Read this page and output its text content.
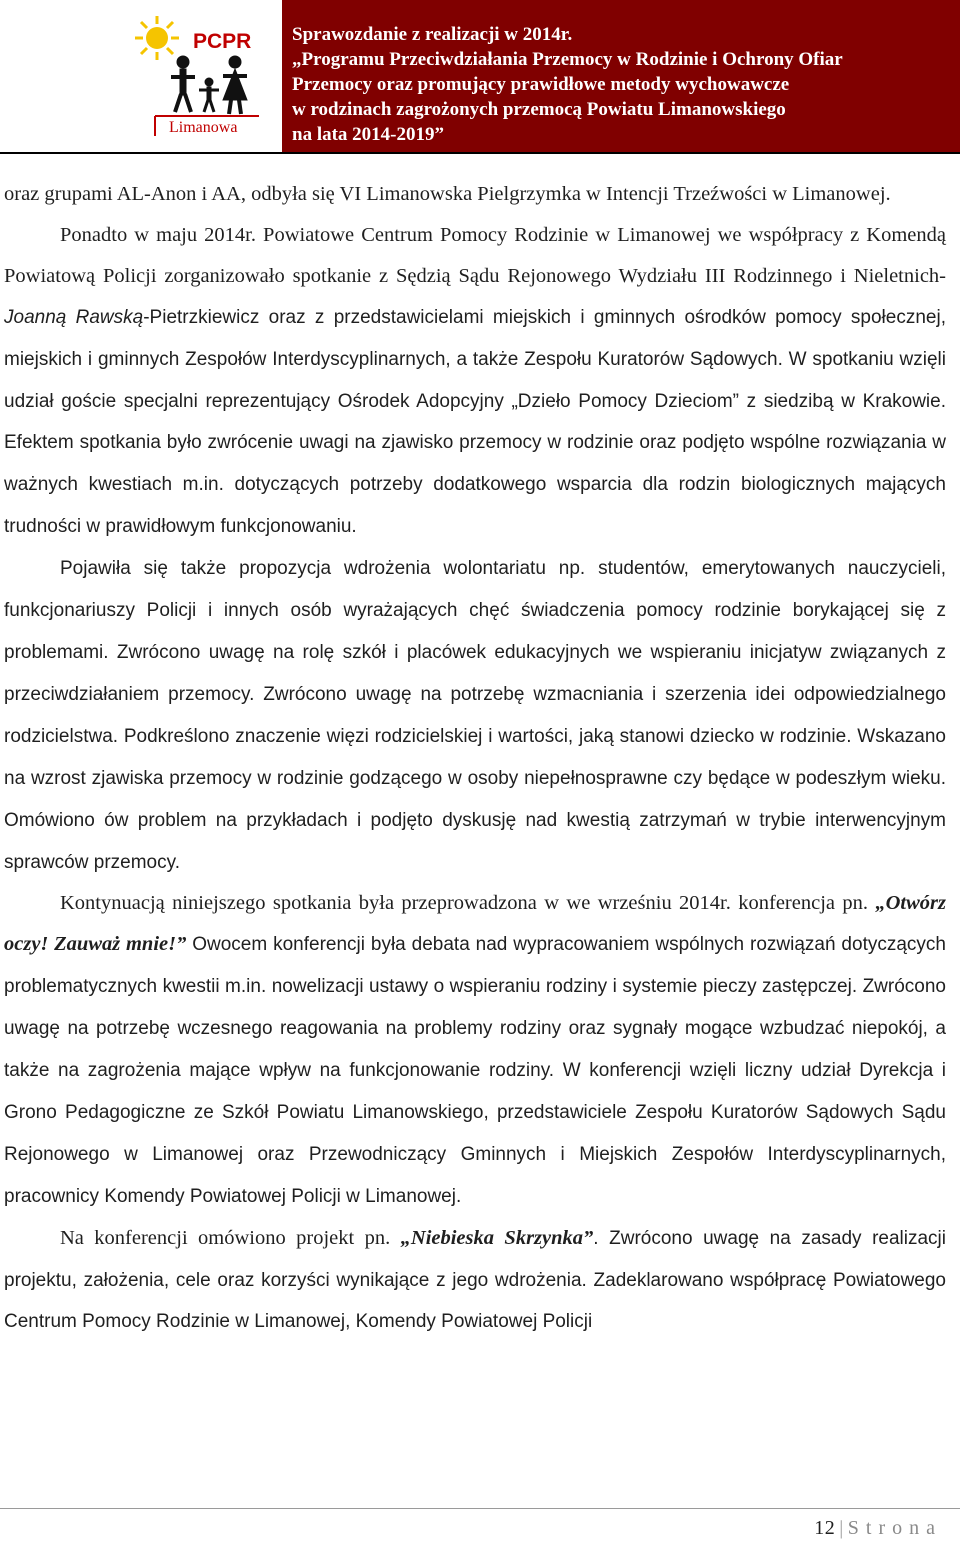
PCPR
Limanowa
Sprawozdanie z realizacji w 2014r.
„Programu Przeciwdziałania Przemocy w Rodzinie i Ochrony Ofiar
Przemocy oraz promujący prawidłowe metody wychowawcze
w rodzinach zagrożonych przemocą Powiatu Limanowskiego
na lata 2014-2019”

oraz grupami AL-Anon i AA, odbyła się VI Limanowska Pielgrzymka w Intencji Trzeźwości w Limanowej.

Ponadto w maju 2014r. Powiatowe Centrum Pomocy Rodzinie w Limanowej we współpracy z Komendą Powiatową Policji zorganizowało spotkanie z Sędzią Sądu Rejonowego Wydziału III Rodzinnego i Nieletnich- Joanną Rawską-Pietrzkiewicz oraz z przedstawicielami miejskich i gminnych ośrodków pomocy społecznej, miejskich i gminnych Zespołów Interdyscyplinarnych, a także Zespołu Kuratorów Sądowych. W spotkaniu wzięli udział goście specjalni reprezentujący Ośrodek Adopcyjny „Dzieło Pomocy Dzieciom” z siedzibą w Krakowie. Efektem spotkania było zwrócenie uwagi na zjawisko przemocy w rodzinie oraz podjęto wspólne rozwiązania w ważnych kwestiach m.in. dotyczących potrzeby dodatkowego wsparcia dla rodzin biologicznych mających trudności w prawidłowym funkcjonowaniu.

Pojawiła się także propozycja wdrożenia wolontariatu np. studentów, emerytowanych nauczycieli, funkcjonariuszy Policji i innych osób wyrażających chęć świadczenia pomocy rodzinie borykającej się z problemami. Zwrócono uwagę na rolę szkół i placówek edukacyjnych we wspieraniu inicjatyw związanych z przeciwdziałaniem przemocy. Zwrócono uwagę na potrzebę wzmacniania i szerzenia idei odpowiedzialnego rodzicielstwa. Podkreślono znaczenie więzi rodzicielskiej i wartości, jaką stanowi dziecko w rodzinie. Wskazano na wzrost zjawiska przemocy w rodzinie godzącego w osoby niepełnosprawne czy będące w podeszłym wieku. Omówiono ów problem na przykładach i podjęto dyskusję nad kwestią zatrzymań w trybie interwencyjnym sprawców przemocy.

Kontynuacją niniejszego spotkania była przeprowadzona w we wrześniu 2014r. konferencja pn. „Otwórz oczy! Zauważ mnie!” Owocem konferencji była debata nad wypracowaniem wspólnych rozwiązań dotyczących problematycznych kwestii m.in. nowelizacji ustawy o wspieraniu rodziny i systemie pieczy zastępczej. Zwrócono uwagę na potrzebę wczesnego reagowania na problemy rodziny oraz sygnały mogące wzbudzać niepokój, a także na zagrożenia mające wpływ na funkcjonowanie rodziny. W konferencji wzięli liczny udział Dyrekcja i Grono Pedagogiczne ze Szkół Powiatu Limanowskiego, przedstawiciele Zespołu Kuratorów Sądowych Sądu Rejonowego w Limanowej oraz Przewodniczący Gminnych i Miejskich Zespołów Interdyscyplinarnych, pracownicy Komendy Powiatowej Policji w Limanowej.

Na konferencji omówiono projekt pn. „Niebieska Skrzynka”. Zwrócono uwagę na zasady realizacji projektu, założenia, cele oraz korzyści wynikające z jego wdrożenia. Zadeklarowano współpracę Powiatowego Centrum Pomocy Rodzinie w Limanowej, Komendy Powiatowej Policji

12 | Strona
